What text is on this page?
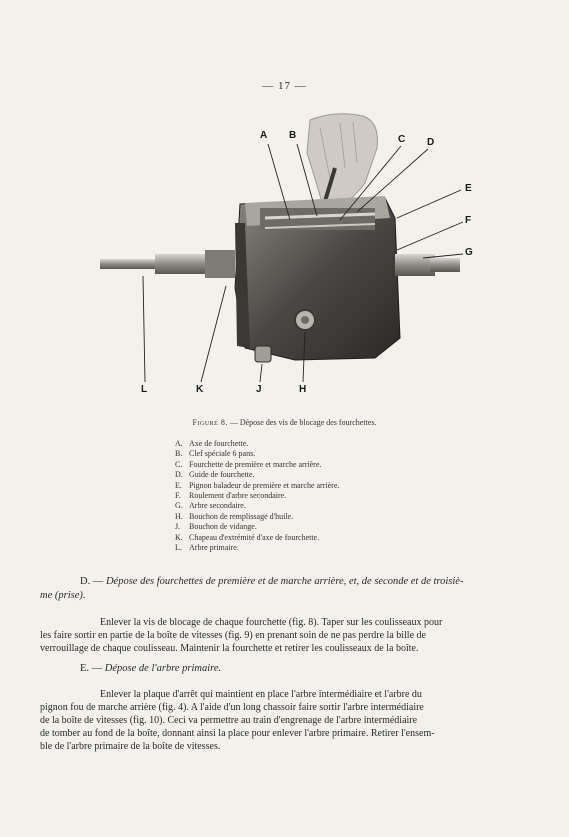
— 17 —
A B	C D
E
F
G
H
J
K
L
Figure 8. — Dépose des vis de blocage des fourchettes.
A. Axe de fourchette.
B. Clef spéciale 6 pans.
C. Fourchette de première et marche arrière.
D. Guide de fourchette.
E. Pignon baladeur de première et marche arrière.
F. Roulement d'arbre secondaire.
G. Arbre secondaire.
H. Bouchon de remplissage d'huile.
J. Bouchon de vidange.
K. Chapeau d'extrémité d'axe de fourchette.
L. Arbre primaire.
D. — Dépose des fourchettes de première et de marche arrière, et, de seconde et de troisiè-
me (prise).
Enlever la vis de blocage de chaque fourchette (fig. 8). Taper sur les coulisseaux pour
les faire sortir en partie de la boîte de vitesses (fig. 9) en prenant soin de ne pas perdre la bille de
verrouillage de chaque coulisseau. Maintenir la fourchette et retirer les coulisseaux de la boîte.
E. — Dépose de l'arbre primaire.
Enlever la plaque d'arrêt qui maintient en place l'arbre intermédiaire et l'arbre du
pignon fou de marche arrière (fig. 4). A l'aide d'un long chassoir faire sortir l'arbre intermédiaire
de la boîte de vitesses (fig. 10). Ceci va permettre au train d'engrenage de l'arbre intermédiaire
de tomber au fond de la boîte, donnant ainsi la place pour enlever l'arbre primaire. Retirer l'ensem-
ble de l'arbre primaire de la boîte de vitesses.
